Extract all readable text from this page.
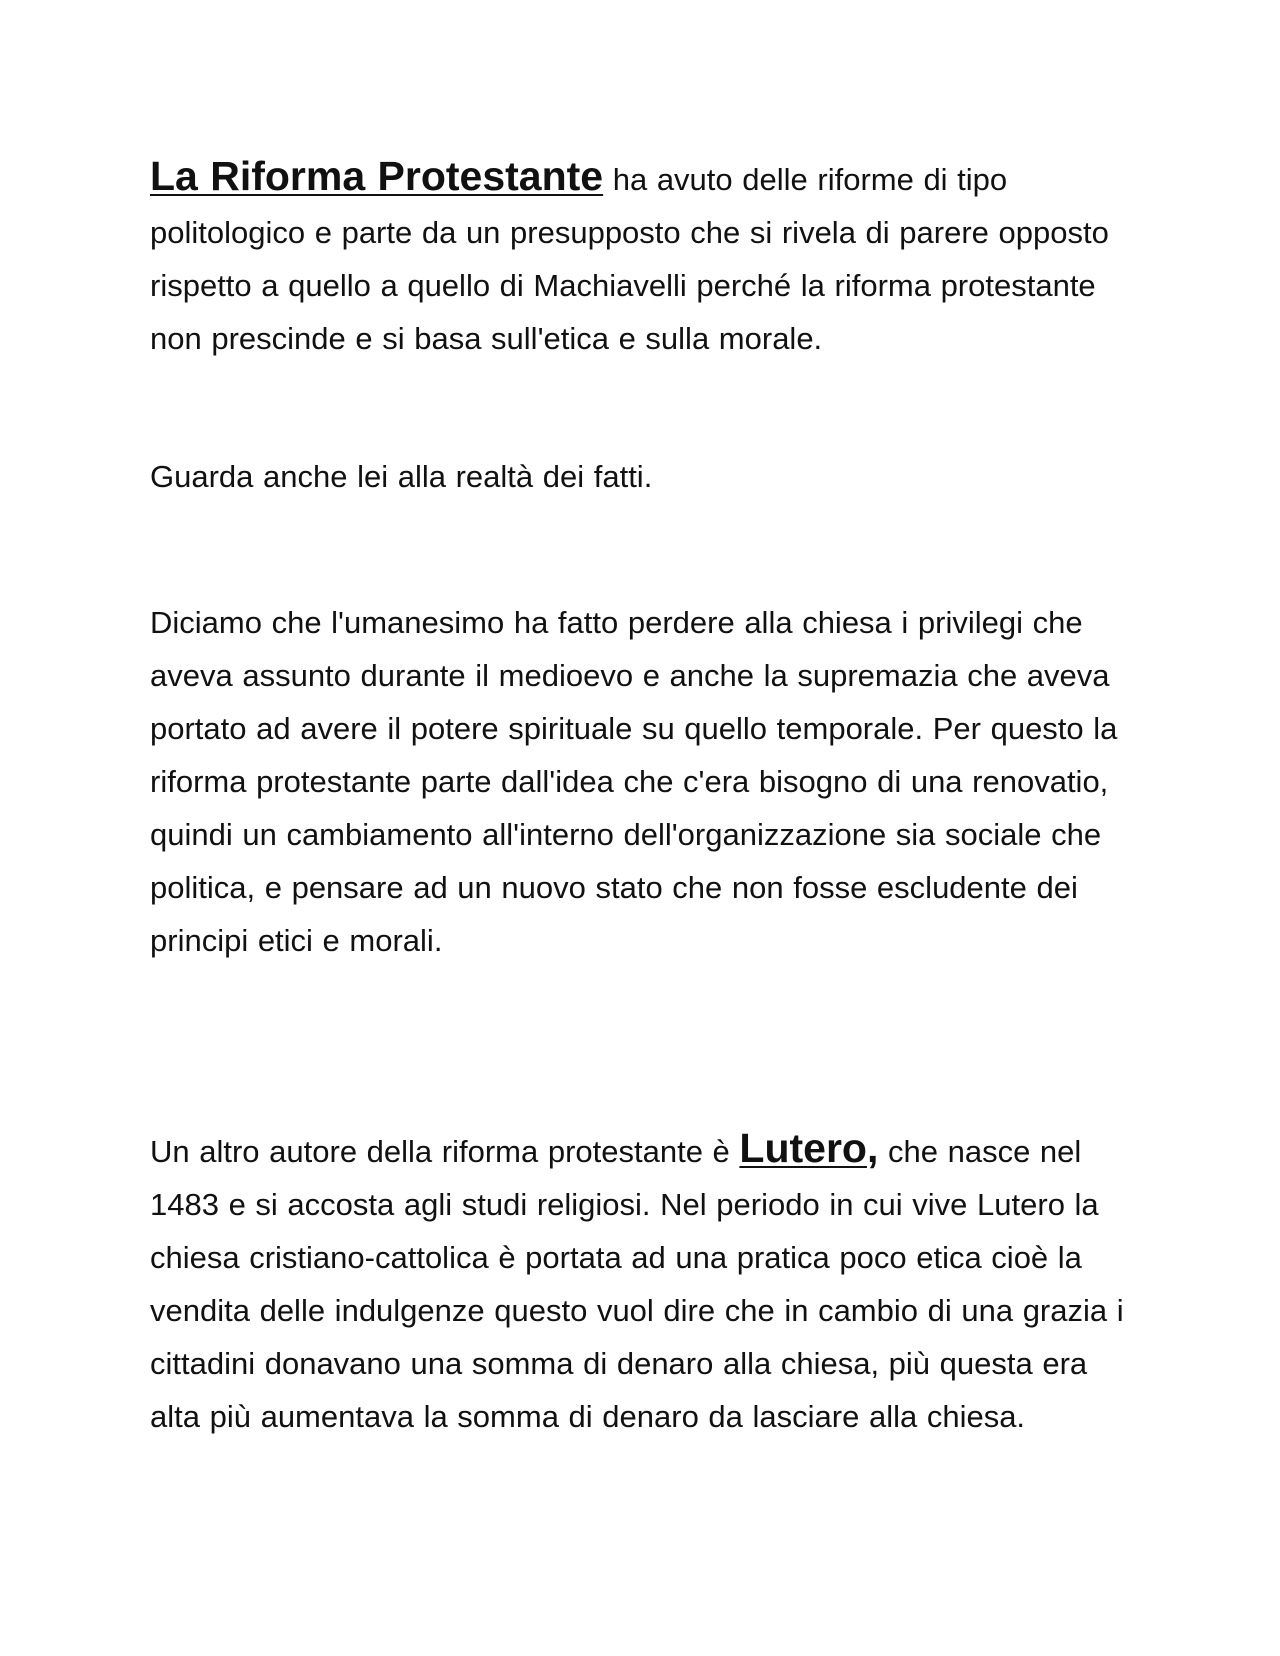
La Riforma Protestante ha avuto delle riforme di tipo politologico e parte da un presupposto che si rivela di parere opposto rispetto a quello a quello di Machiavelli perché la riforma protestante non prescinde e si basa sull'etica e sulla morale.

Guarda anche lei alla realtà dei fatti.

Diciamo che l'umanesimo ha fatto perdere alla chiesa i privilegi che aveva assunto durante il medioevo e anche la supremazia che aveva portato ad avere il potere spirituale su quello temporale. Per questo la riforma protestante parte dall'idea che c'era bisogno di una renovatio, quindi un cambiamento all'interno dell'organizzazione sia sociale che politica, e pensare ad un nuovo stato che non fosse escludente dei principi etici e morali.

Un altro autore della riforma protestante è Lutero, che nasce nel 1483 e si accosta agli studi religiosi. Nel periodo in cui vive Lutero la chiesa cristiano-cattolica è portata ad una pratica poco etica cioè la vendita delle indulgenze questo vuol dire che in cambio di una grazia i cittadini donavano una somma di denaro alla chiesa, più questa era alta più aumentava la somma di denaro da lasciare alla chiesa.
